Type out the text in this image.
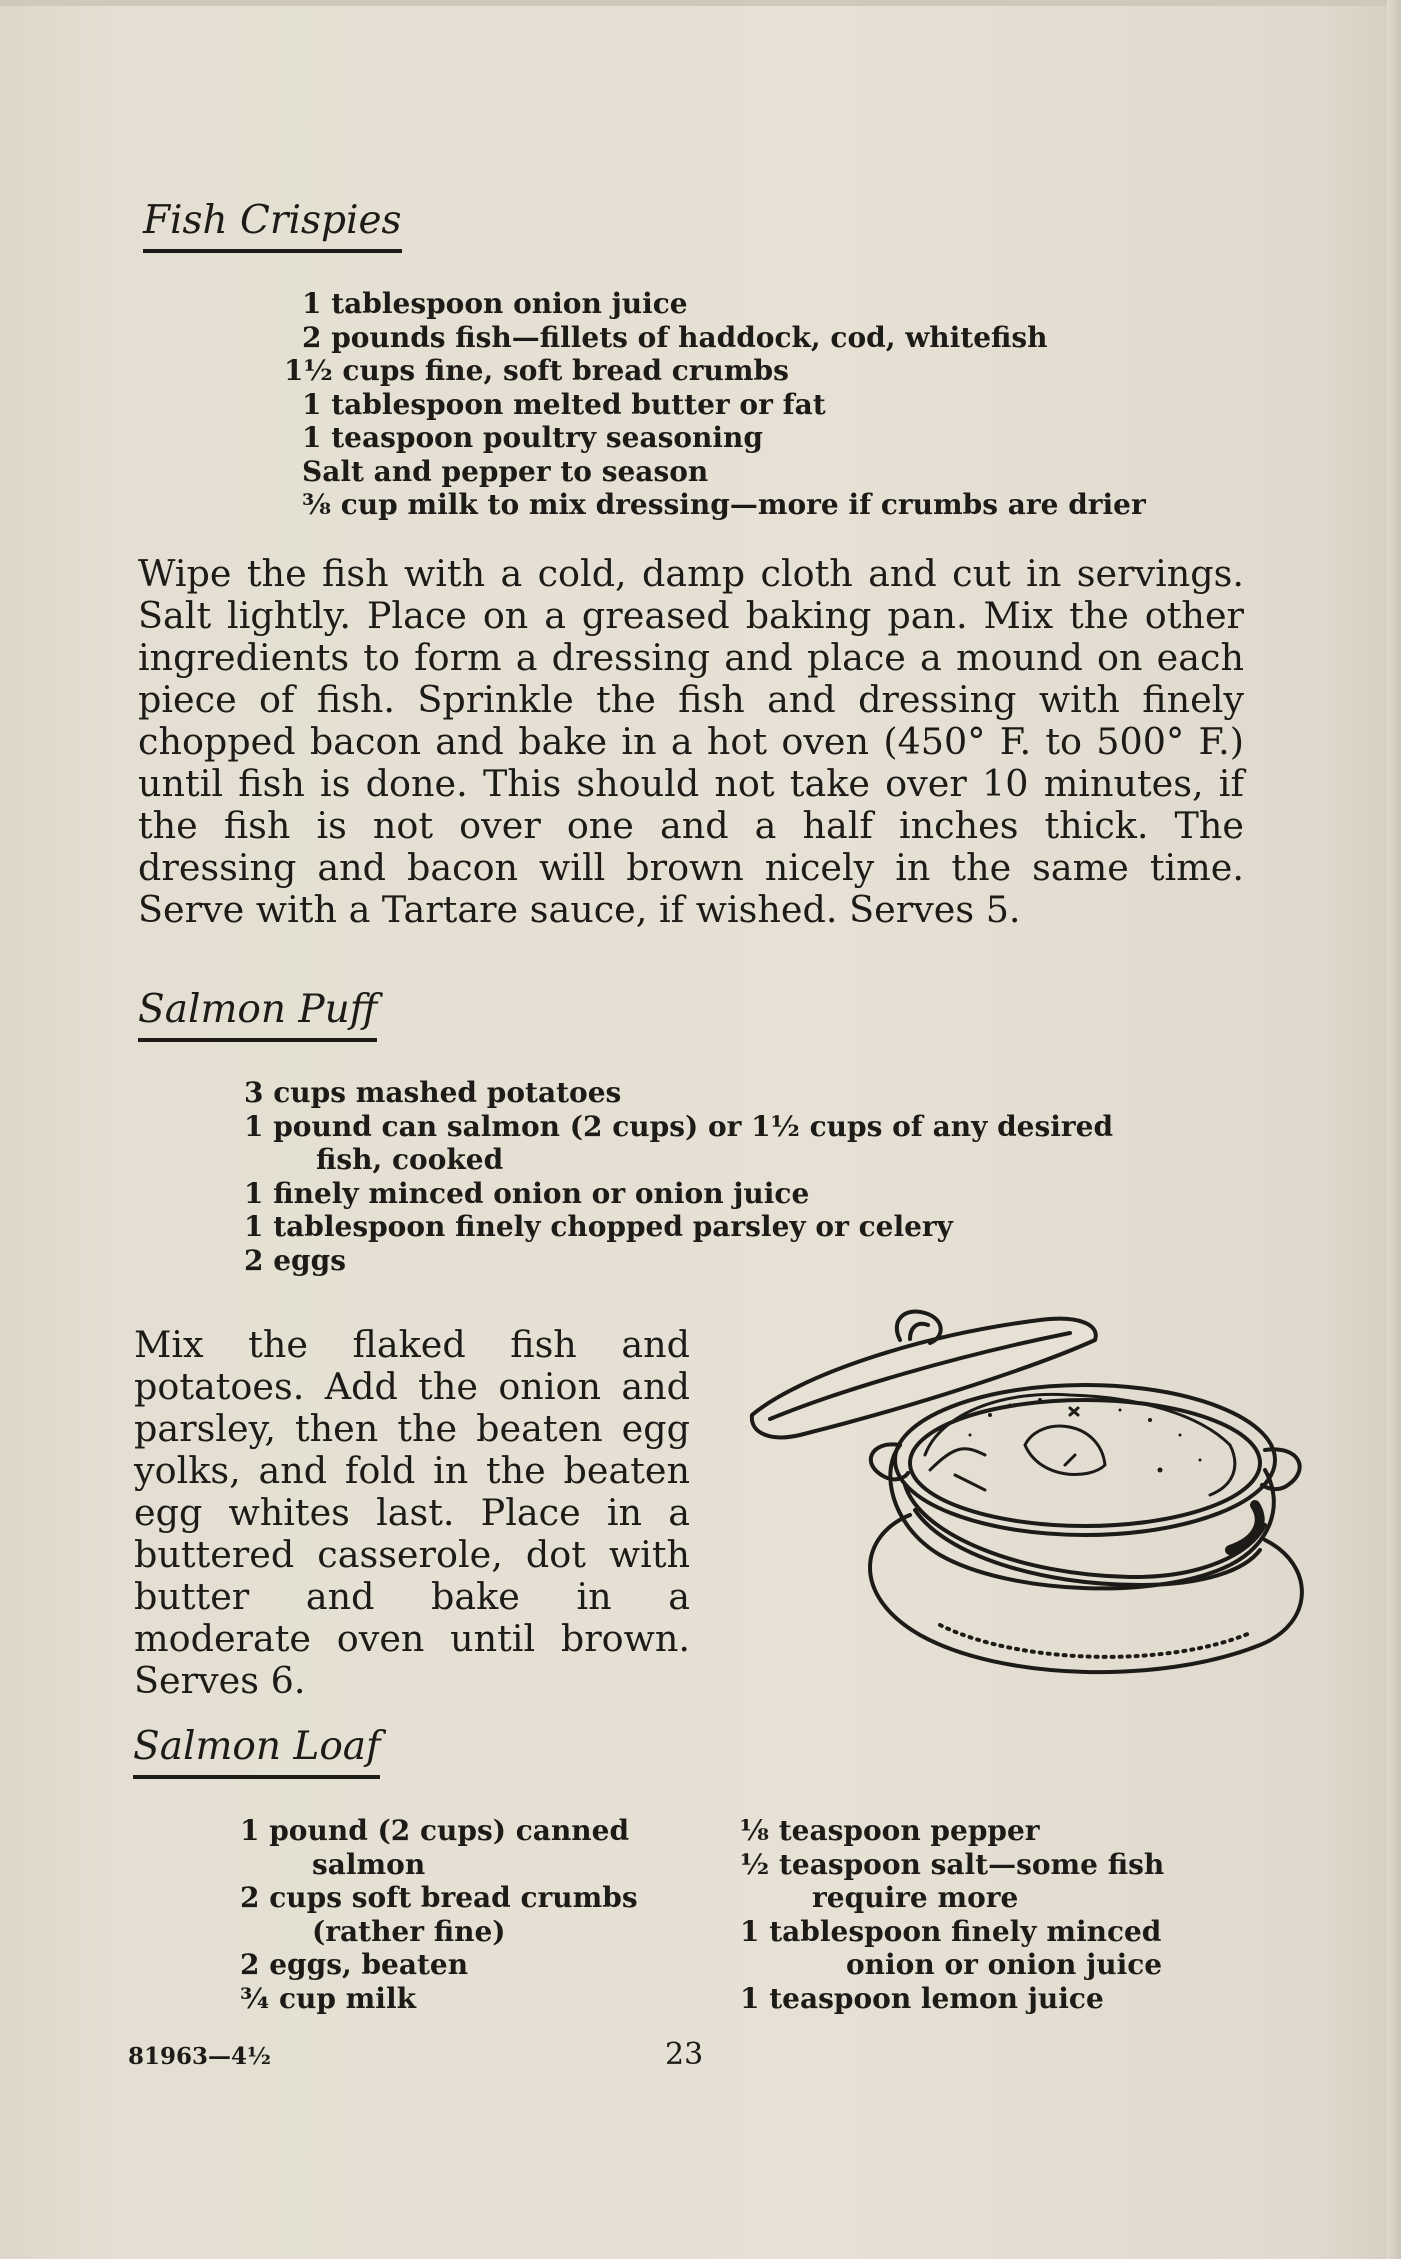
Fish Crispies
1 tablespoon onion juice
2 pounds fish—fillets of haddock, cod, whitefish
1½ cups fine, soft bread crumbs
1 tablespoon melted butter or fat
1 teaspoon poultry seasoning
Salt and pepper to season
⅜ cup milk to mix dressing—more if crumbs are drier

Wipe the fish with a cold, damp cloth and cut in servings. Salt lightly. Place on a greased baking pan. Mix the other ingredients to form a dressing and place a mound on each piece of fish. Sprinkle the fish and dressing with finely chopped bacon and bake in a hot oven (450° F. to 500° F.) until fish is done. This should not take over 10 minutes, if the fish is not over one and a half inches thick. The dressing and bacon will brown nicely in the same time. Serve with a Tartare sauce, if wished. Serves 5.

Salmon Puff
3 cups mashed potatoes
1 pound can salmon (2 cups) or 1½ cups of any desired
fish, cooked
1 finely minced onion or onion juice
1 tablespoon finely chopped parsley or celery
2 eggs

Mix the flaked fish and potatoes. Add the onion and parsley, then the beaten egg yolks, and fold in the beaten egg whites last. Place in a buttered casserole, dot with butter and bake in a moderate oven until brown. Serves 6.

Salmon Loaf
1 pound (2 cups) canned
salmon
2 cups soft bread crumbs
(rather fine)
2 eggs, beaten
¾ cup milk
⅛ teaspoon pepper
½ teaspoon salt—some fish
require more
1 tablespoon finely minced
onion or onion juice
1 teaspoon lemon juice
81963—4½	23
